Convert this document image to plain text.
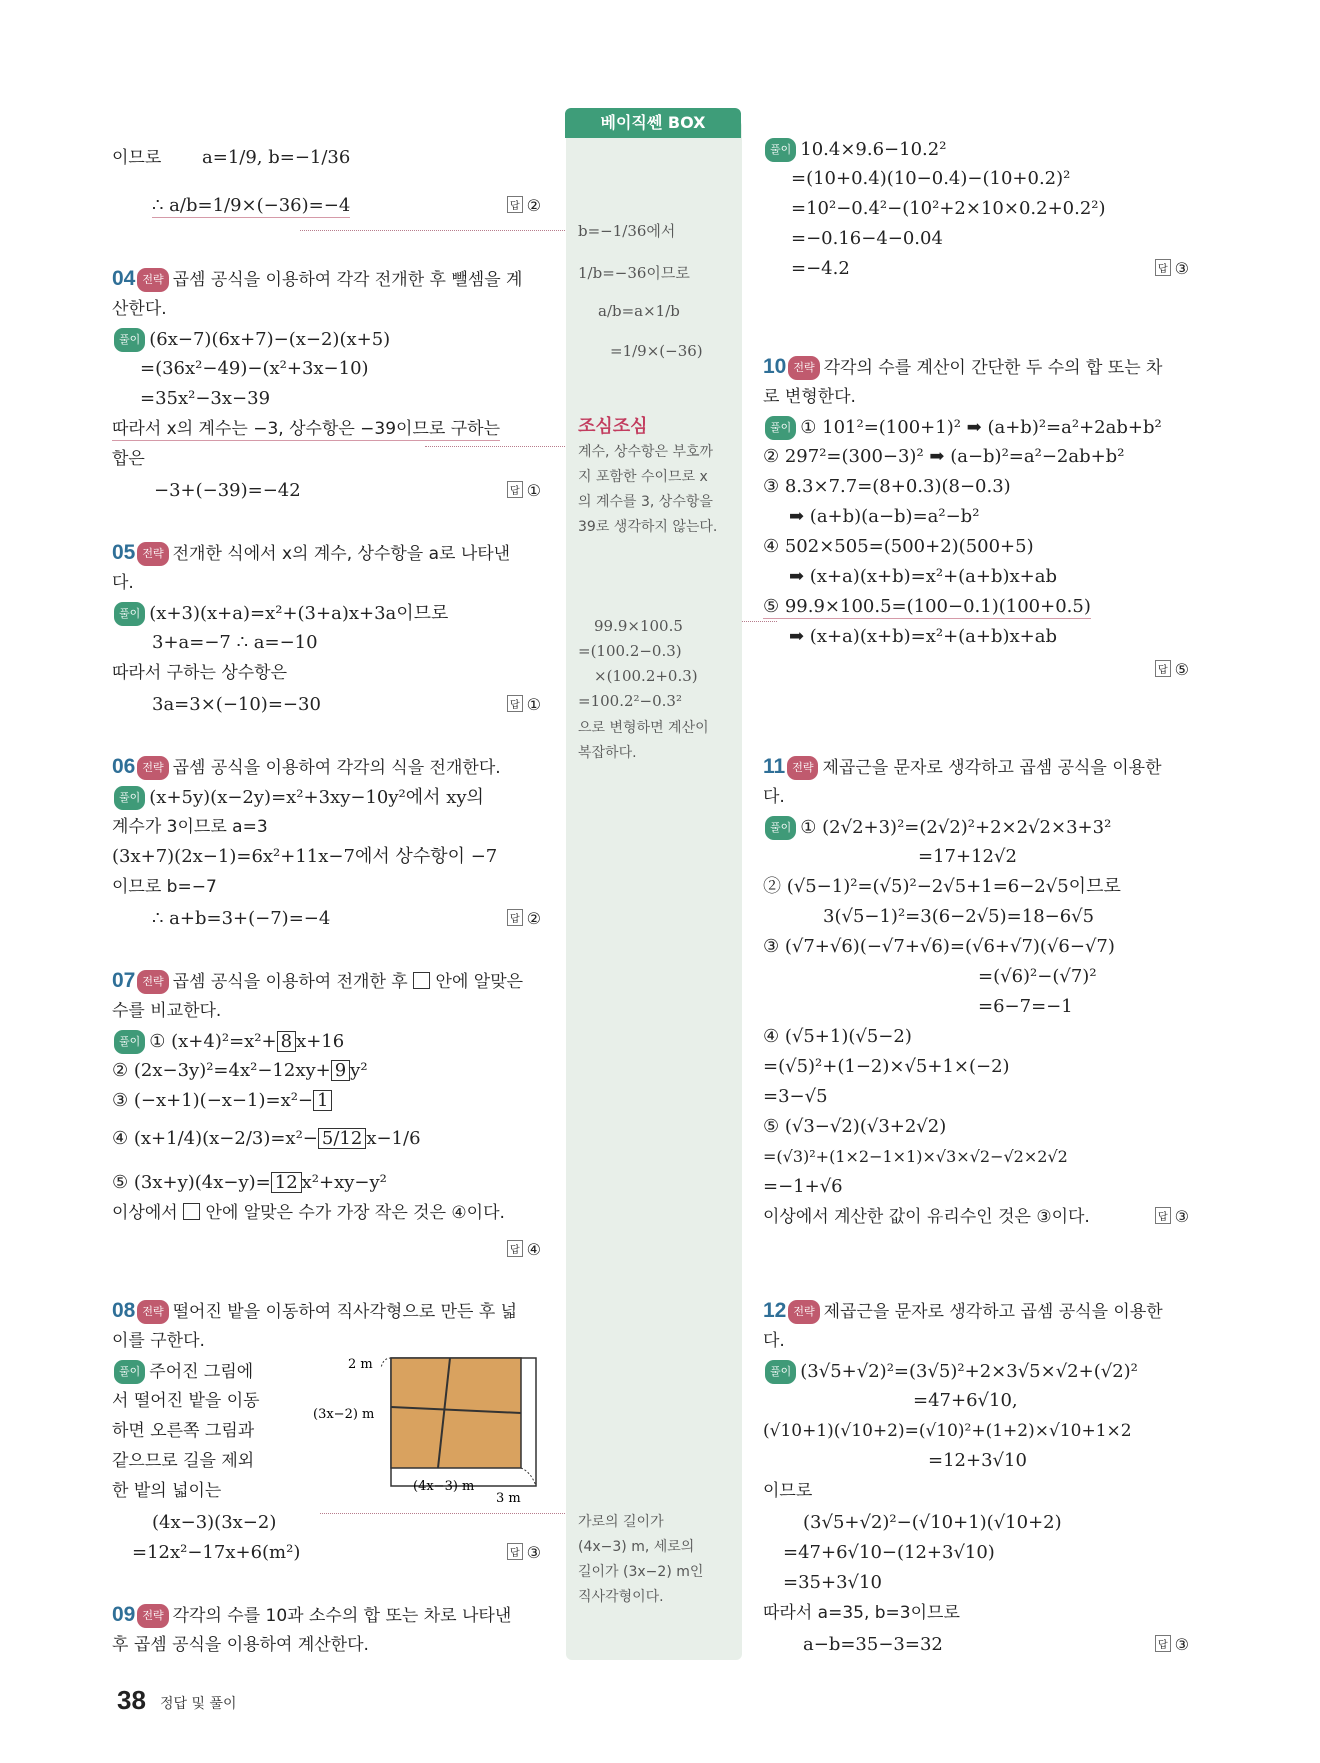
베이직쎈 BOX
b=−1/36에서
1/b=−36이므로
a/b=a×1/b
=1/9×(−36)
조심조심
계수, 상수항은 부호까
지 포함한 수이므로 x
의 계수를 3, 상수항을
39로 생각하지 않는다.
99.9×100.5
=(100.2−0.3)
×(100.2+0.3)
=100.2²−0.3²
으로 변형하면 계산이
복잡하다.
가로의 길이가
(4x−3) m, 세로의
길이가 (3x−2) m인
직사각형이다.
이므로 a=1/9, b=−1/36
∴ a/b=1/9×(−36)=−4	답 ②
04 전략 곱셈 공식을 이용하여 각각 전개한 후 뺄셈을 계
산한다.
풀이 (6x−7)(6x+7)−(x−2)(x+5)
=(36x²−49)−(x²+3x−10)
=35x²−3x−39
따라서 x의 계수는 −3, 상수항은 −39이므로 구하는
합은
−3+(−39)=−42	답 ①
05 전략 전개한 식에서 x의 계수, 상수항을 a로 나타낸
다.
풀이 (x+3)(x+a)=x²+(3+a)x+3a이므로
3+a=−7 ∴ a=−10
따라서 구하는 상수항은
3a=3×(−10)=−30	답 ①
06 전략 곱셈 공식을 이용하여 각각의 식을 전개한다.
풀이 (x+5y)(x−2y)=x²+3xy−10y²에서 xy의
계수가 3이므로 a=3
(3x+7)(2x−1)=6x²+11x−7에서 상수항이 −7
이므로 b=−7
∴ a+b=3+(−7)=−4	답 ②
07 전략 곱셈 공식을 이용하여 전개한 후 안에 알맞은
수를 비교한다.
풀이 ① (x+4)²=x²+ 8 x+16
② (2x−3y)²=4x²−12xy+ 9 y²
③ (−x+1)(−x−1)=x²− 1
④ (x+1/4)(x−2/3)=x²− 5/12 x−1/6
⑤ (3x+y)(4x−y)= 12 x²+xy−y²
이상에서 안에 알맞은 수가 가장 작은 것은 ④이다.
답 ④
08 전략 떨어진 밭을 이동하여 직사각형으로 만든 후 넓
이를 구한다.
풀이 주어진 그림에
서 떨어진 밭을 이동
하면 오른쪽 그림과
같으므로 길을 제외
한 밭의 넓이는
(4x−3)(3x−2)
=12x²−17x+6(m²)	답 ③
09 전략 각각의 수를 10과 소수의 합 또는 차로 나타낸
후 곱셈 공식을 이용하여 계산한다.
2 m
(3x−2) m
(4x−3) m
3 m
풀이 10.4×9.6−10.2²
=(10+0.4)(10−0.4)−(10+0.2)²
=10²−0.4²−(10²+2×10×0.2+0.2²)
=−0.16−4−0.04
=−4.2	답 ③
10 전략 각각의 수를 계산이 간단한 두 수의 합 또는 차
로 변형한다.
풀이 ① 101²=(100+1)² ➡ (a+b)²=a²+2ab+b²
② 297²=(300−3)² ➡ (a−b)²=a²−2ab+b²
③ 8.3×7.7=(8+0.3)(8−0.3)
➡ (a+b)(a−b)=a²−b²
④ 502×505=(500+2)(500+5)
➡ (x+a)(x+b)=x²+(a+b)x+ab
⑤ 99.9×100.5=(100−0.1)(100+0.5)
➡ (x+a)(x+b)=x²+(a+b)x+ab
답 ⑤
11 전략 제곱근을 문자로 생각하고 곱셈 공식을 이용한
다.
풀이 ① (2√2+3)²=(2√2)²+2×2√2×3+3²
=17+12√2
② (√5−1)²=(√5)²−2√5+1=6−2√5이므로
3(√5−1)²=3(6−2√5)=18−6√5
③ (√7+√6)(−√7+√6)=(√6+√7)(√6−√7)
=(√6)²−(√7)²
=6−7=−1
④ (√5+1)(√5−2)
=(√5)²+(1−2)×√5+1×(−2)
=3−√5
⑤ (√3−√2)(√3+2√2)
=(√3)²+(1×2−1×1)×√3×√2−√2×2√2
=−1+√6
이상에서 계산한 값이 유리수인 것은 ③이다.	답 ③
12 전략 제곱근을 문자로 생각하고 곱셈 공식을 이용한
다.
풀이 (3√5+√2)²=(3√5)²+2×3√5×√2+(√2)²
=47+6√10,
(√10+1)(√10+2)=(√10)²+(1+2)×√10+1×2
=12+3√10
이므로
(3√5+√2)²−(√10+1)(√10+2)
=47+6√10−(12+3√10)
=35+3√10
따라서 a=35, b=3이므로
a−b=35−3=32	답 ③
38 정답 및 풀이
